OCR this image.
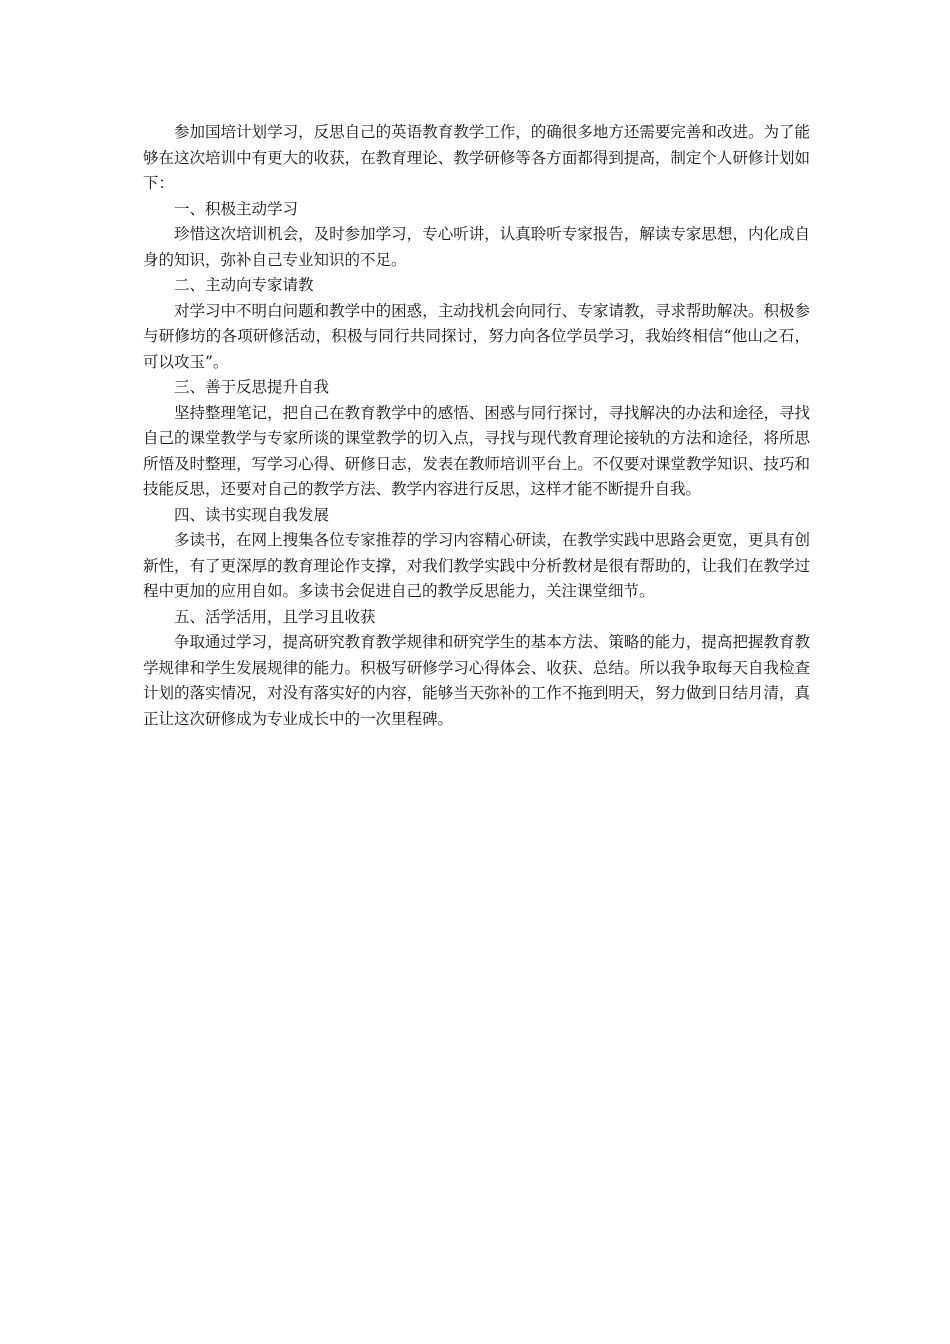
参加国培计划学习，反思自己的英语教育教学工作，的确很多地方还需要完善和改进。为了能够在这次培训中有更大的收获，在教育理论、教学研修等各方面都得到提高，制定个人研修计划如下：

一、积极主动学习

珍惜这次培训机会，及时参加学习，专心听讲，认真聆听专家报告，解读专家思想，内化成自身的知识，弥补自己专业知识的不足。

二、主动向专家请教

对学习中不明白问题和教学中的困惑，主动找机会向同行、专家请教，寻求帮助解决。积极参与研修坊的各项研修活动，积极与同行共同探讨，努力向各位学员学习，我始终相信“他山之石，可以攻玉”。

三、善于反思提升自我

坚持整理笔记，把自己在教育教学中的感悟、困惑与同行探讨，寻找解决的办法和途径，寻找自己的课堂教学与专家所谈的课堂教学的切入点，寻找与现代教育理论接轨的方法和途径，将所思所悟及时整理，写学习心得、研修日志，发表在教师培训平台上。不仅要对课堂教学知识、技巧和技能反思，还要对自己的教学方法、教学内容进行反思，这样才能不断提升自我。

四、读书实现自我发展

多读书，在网上搜集各位专家推荐的学习内容精心研读，在教学实践中思路会更宽，更具有创新性，有了更深厚的教育理论作支撑，对我们教学实践中分析教材是很有帮助的，让我们在教学过程中更加的应用自如。多读书会促进自己的教学反思能力，关注课堂细节。

五、活学活用，且学习且收获

争取通过学习，提高研究教育教学规律和研究学生的基本方法、策略的能力，提高把握教育教学规律和学生发展规律的能力。积极写研修学习心得体会、收获、总结。所以我争取每天自我检查计划的落实情况，对没有落实好的内容，能够当天弥补的工作不拖到明天，努力做到日结月清，真正让这次研修成为专业成长中的一次里程碑。
